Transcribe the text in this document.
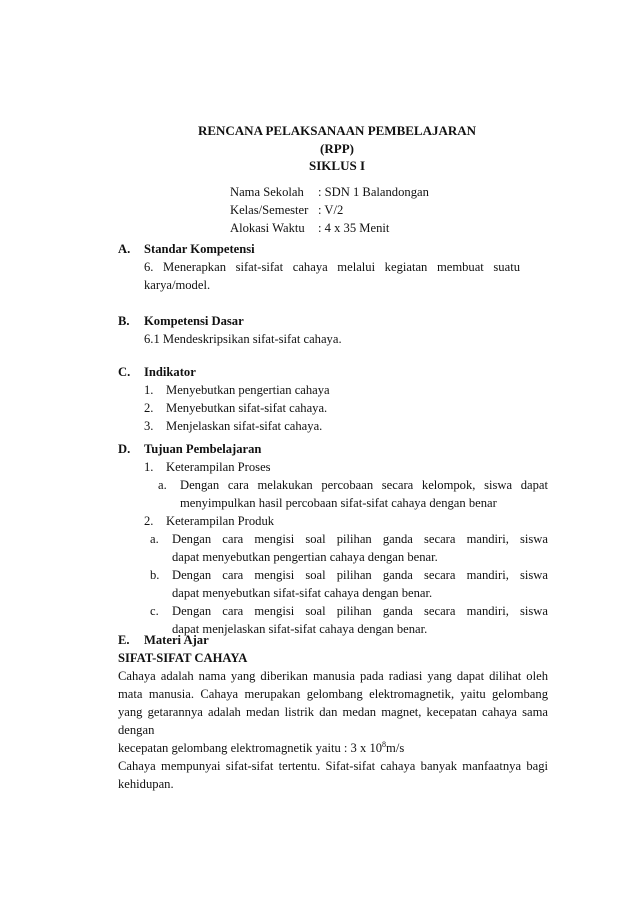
RENCANA PELAKSANAAN PEMBELAJARAN
(RPP)
SIKLUS I
Nama Sekolah	: SDN 1 Balandongan
Kelas/Semester : V/2
Alokasi Waktu	: 4 x 35 Menit
A.	Standar Kompetensi
6. Menerapkan sifat-sifat cahaya melalui kegiatan membuat suatu
karya/model.
B.	Kompetensi Dasar
6.1 Mendeskripsikan sifat-sifat cahaya.
C.	Indikator
1. Menyebutkan pengertian cahaya
2. Menyebutkan sifat-sifat cahaya.
3. Menjelaskan sifat-sifat cahaya.
D.	Tujuan Pembelajaran
1. Keterampilan Proses
a.	Dengan cara melakukan percobaan secara kelompok, siswa dapat
menyimpulkan hasil percobaan sifat-sifat cahaya dengan benar
2. Keterampilan Produk
a.	Dengan cara mengisi soal pilihan ganda secara mandiri, siswa
dapat menyebutkan pengertian cahaya dengan benar.
b. Dengan cara mengisi soal pilihan ganda secara mandiri, siswa
dapat menyebutkan sifat-sifat cahaya dengan benar.
c.	Dengan cara mengisi soal pilihan ganda secara mandiri, siswa
dapat menjelaskan sifat-sifat cahaya dengan benar.
E.	Materi Ajar
SIFAT-SIFAT CAHAYA
Cahaya adalah nama yang diberikan manusia pada radiasi yang dapat dilihat oleh
mata manusia. Cahaya merupakan gelombang elektromagnetik, yaitu gelombang
yang getarannya adalah medan listrik dan medan magnet, kecepatan cahaya sama
dengan
kecepatan gelombang elektromagnetik yaitu : 3 x $10^8m/s$
Cahaya mempunyai sifat-sifat tertentu. Sifat-sifat cahaya banyak manfaatnya bagi
kehidupan.
